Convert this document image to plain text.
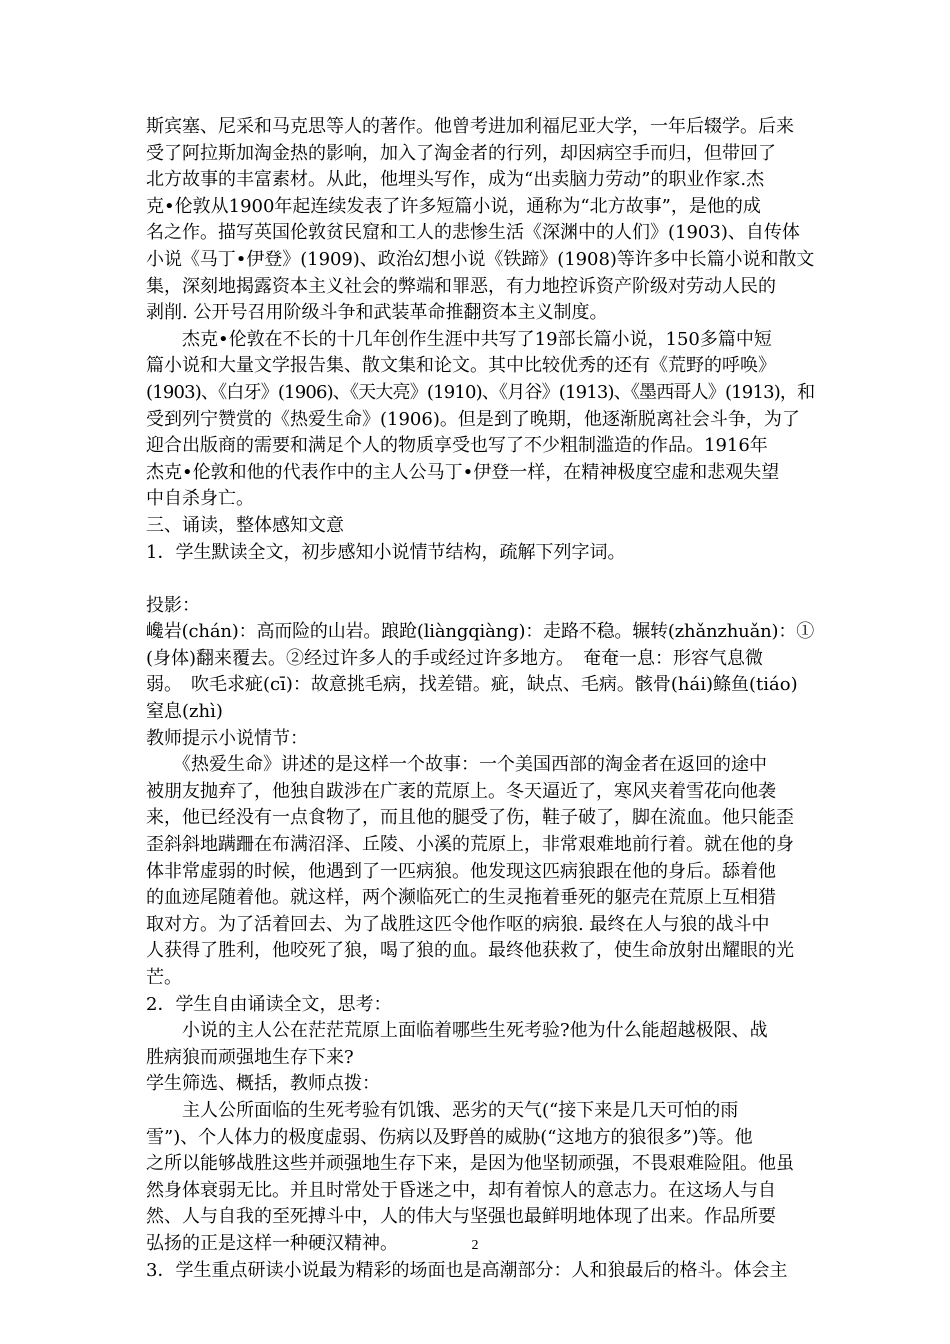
斯宾塞、尼采和马克思等人的著作。他曾考进加利福尼亚大学，一年后辍学。后来
受了阿拉斯加淘金热的影响，加入了淘金者的行列，却因病空手而归，但带回了
北方故事的丰富素材。从此，他埋头写作，成为“出卖脑力劳动”的职业作家.杰
克•伦敦从1900年起连续发表了许多短篇小说，通称为“北方故事”，是他的成
名之作。描写英国伦敦贫民窟和工人的悲惨生活《深渊中的人们》(1903)、自传体
小说《马丁•伊登》(1909)、政治幻想小说《铁蹄》(1908)等许多中长篇小说和散文
集，深刻地揭露资本主义社会的弊端和罪恶，有力地控诉资产阶级对劳动人民的
剥削. 公开号召用阶级斗争和武装革命推翻资本主义制度。
　　杰克•伦敦在不长的十几年创作生涯中共写了19部长篇小说，150多篇中短
篇小说和大量文学报告集、散文集和论文。其中比较优秀的还有《荒野的呼唤》
(1903)、《白牙》(1906)、《天大亮》(1910)、《月谷》(1913)、《墨西哥人》(1913)，和
受到列宁赞赏的《热爱生命》(1906)。但是到了晚期，他逐渐脱离社会斗争，为了
迎合出版商的需要和满足个人的物质享受也写了不少粗制滥造的作品。1916年
杰克•伦敦和他的代表作中的主人公马丁•伊登一样，在精神极度空虚和悲观失望
中自杀身亡。
三、诵读，整体感知文意
1．学生默读全文，初步感知小说情节结构，疏解下列字词。
投影：
巉岩(chán)：高而险的山岩。踉跄(liàngqiàng)：走路不稳。辗转(zhǎnzhuǎn)：①
(身体)翻来覆去。②经过许多人的手或经过许多地方。　奄奄一息：形容气息微
弱。　吹毛求疵(cī)：故意挑毛病，找差错。疵，缺点、毛病。骸骨(hái)鲦鱼(tiáo)
窒息(zhì)
教师提示小说情节：
　　《热爱生命》讲述的是这样一个故事：一个美国西部的淘金者在返回的途中
被朋友抛弃了，他独自跋涉在广袤的荒原上。冬天逼近了，寒风夹着雪花向他袭
来，他已经没有一点食物了，而且他的腿受了伤，鞋子破了，脚在流血。他只能歪
歪斜斜地蹒跚在布满沼泽、丘陵、小溪的荒原上，非常艰难地前行着。就在他的身
体非常虚弱的时候，他遇到了一匹病狼。他发现这匹病狼跟在他的身后。舔着他
的血迹尾随着他。就这样，两个濒临死亡的生灵拖着垂死的躯壳在荒原上互相猎
取对方。为了活着回去、为了战胜这匹令他作呕的病狼. 最终在人与狼的战斗中
人获得了胜利，他咬死了狼，喝了狼的血。最终他获救了，使生命放射出耀眼的光
芒。
2．学生自由诵读全文，思考：
　　小说的主人公在茫茫荒原上面临着哪些生死考验?他为什么能超越极限、战
胜病狼而顽强地生存下来?
学生筛选、概括，教师点拨：
　　主人公所面临的生死考验有饥饿、恶劣的天气(“接下来是几天可怕的雨
雪”)、个人体力的极度虚弱、伤病以及野兽的威胁(“这地方的狼很多”)等。他
之所以能够战胜这些并顽强地生存下来，是因为他坚韧顽强，不畏艰难险阻。他虽
然身体衰弱无比。并且时常处于昏迷之中，却有着惊人的意志力。在这场人与自
然、人与自我的至死搏斗中，人的伟大与坚强也最鲜明地体现了出来。作品所要
弘扬的正是这样一种硬汉精神。
3．学生重点研读小说最为精彩的场面也是高潮部分：人和狼最后的格斗。体会主
2
